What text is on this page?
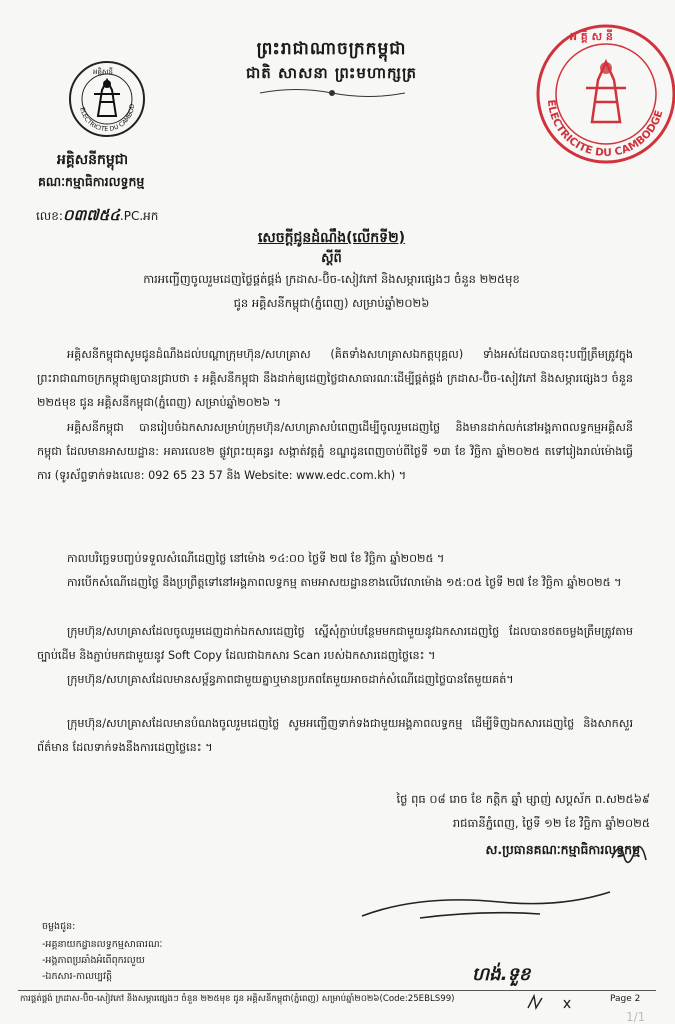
ព្រះរាជាណាចក្រកម្ពុជា
ជាតិ សាសនា ព្រះមហាក្សត្រ
ELECTRICITE DU CAMBODGE
អគ្គិសនី
អ គ្គិ ស នី
ELECTRICITE DU CAMBODGE
អគ្គិសនីកម្ពុជា
គណៈកម្មាធិការលទ្ធកម្ម
លេខ:០៣៧៥៤.PC.អក
សេចក្ដីជូនដំណឹង(លើកទី២)
ស្ដីពី
ការអញ្ជើញចូលរួមដេញថ្លៃផ្គត់ផ្គង់ ក្រដាស-ប៊ិច-សៀវភៅ និងសម្ភារផ្សេងៗ ចំនួន ២២៥មុខ
ជូន អគ្គិសនីកម្ពុជា(ភ្នំពេញ) សម្រាប់ឆ្នាំ២០២៦
អគ្គិសនីកម្ពុជាសូមជូនដំណឹងដល់បណ្ដាក្រុមហ៊ុន/សហគ្រាស (គិតទាំងសហគ្រាសឯកត្តបុគ្គល) ទាំងអស់ដែលបានចុះបញ្ជីត្រឹមត្រូវក្នុងព្រះរាជាណាចក្រកម្ពុជាឲ្យបានជ្រាបថា ៖ អគ្គិសនីកម្ពុជា នឹងដាក់ឲ្យដេញថ្លៃជាសាធារណៈដើម្បីផ្គត់ផ្គង់ ក្រដាស-ប៊ិច-សៀវភៅ និងសម្ភារផ្សេងៗ ចំនួន ២២៥មុខ ជូន អគ្គិសនីកម្ពុជា(ភ្នំពេញ) សម្រាប់ឆ្នាំ២០២៦ ។
អគ្គិសនីកម្ពុជា បានរៀបចំឯកសារសម្រាប់ក្រុមហ៊ុន/សហគ្រាសបំពេញដើម្បីចូលរួមដេញថ្លៃ និងមានដាក់លក់នៅអង្គភាពលទ្ធកម្មអគ្គិសនីកម្ពុជា ដែលមានអាសយដ្ឋាន: អគារលេខ២ ផ្លូវព្រះយុគន្ធរ សង្កាត់វត្តភ្នំ ខណ្ឌដូនពេញចាប់ពីថ្ងៃទី ១៣ ខែ វិច្ឆិកា ឆ្នាំ២០២៥ តទៅរៀងរាល់ម៉ោងធ្វើការ (ទូរស័ព្ទទាក់ទងលេខ: 092 65 23 57 និង Website: www.edc.com.kh) ។
កាលបរិច្ឆេទបញ្ចប់ទទួលសំណើដេញថ្លៃ នៅម៉ោង ១៤:០០ ថ្ងៃទី ២៧ ខែ វិច្ឆិកា ឆ្នាំ២០២៥ ។
ការបើកសំណើដេញថ្លៃ នឹងប្រព្រឹត្តទៅនៅអង្គភាពលទ្ធកម្ម តាមអាសយដ្ឋានខាងលើវេលាម៉ោង ១៥:០៥ ថ្ងៃទី ២៧ ខែ វិច្ឆិកា ឆ្នាំ២០២៥ ។
ក្រុមហ៊ុន/សហគ្រាសដែលចូលរួមដេញដាក់ឯកសារដេញថ្លៃ ស្នើសុំភ្ជាប់បន្ថែមមកជាមួយនូវឯកសារដេញថ្លៃ ដែលបានថតចម្លងត្រឹមត្រូវតាមច្បាប់ដើម និងភ្ជាប់មកជាមួយនូវ Soft Copy ដែលជាឯកសារ Scan របស់ឯកសារដេញថ្លៃនេះ ។
ក្រុមហ៊ុន/សហគ្រាសដែលមានសម្ព័ន្ធភាពជាមួយគ្នាឬមានប្រភពតែមួយអាចដាក់សំណើដេញថ្លៃបានតែមួយគត់។
ក្រុមហ៊ុន/សហគ្រាសដែលមានបំណងចូលរួមដេញថ្លៃ សូមអញ្ជើញទាក់ទងជាមួយអង្គភាពលទ្ធកម្ម ដើម្បីទិញឯកសារដេញថ្លៃ និងសាកសួរព័ត៌មាន ដែលទាក់ទងនឹងការដេញថ្លៃនេះ ។
ថ្ងៃ ពុធ ០៨ រោច ខែ កត្ដិក ឆ្នាំ ម្សាញ់ សប្ដស័ក ព.ស២៥៦៩
រាជធានីភ្នំពេញ, ថ្ងៃទី ១២ ខែ វិច្ឆិកា ឆ្នាំ២០២៥
ស.ប្រធានគណៈកម្មាធិការលទ្ធកម្ម
ចម្លងជូន:
-អគ្គនាយកដ្ឋានលទ្ធកម្មសាធារណៈ
-អង្គភាពប្រឆាំងអំពើពុករលួយ
-ឯកសារ-កាលប្បវត្តិ	ហង់.ទួខ
ការផ្គត់ផ្គង់ ក្រដាស-ប៊ិច-សៀវភៅ និងសម្ភារផ្សេងៗ ចំនួន ២២៥មុខ ជូន អគ្គិសនីកម្ពុជា(ភ្នំពេញ) សម្រាប់ឆ្នាំ២០២៦(Code:25EBLS99)	Page 2
1/1
